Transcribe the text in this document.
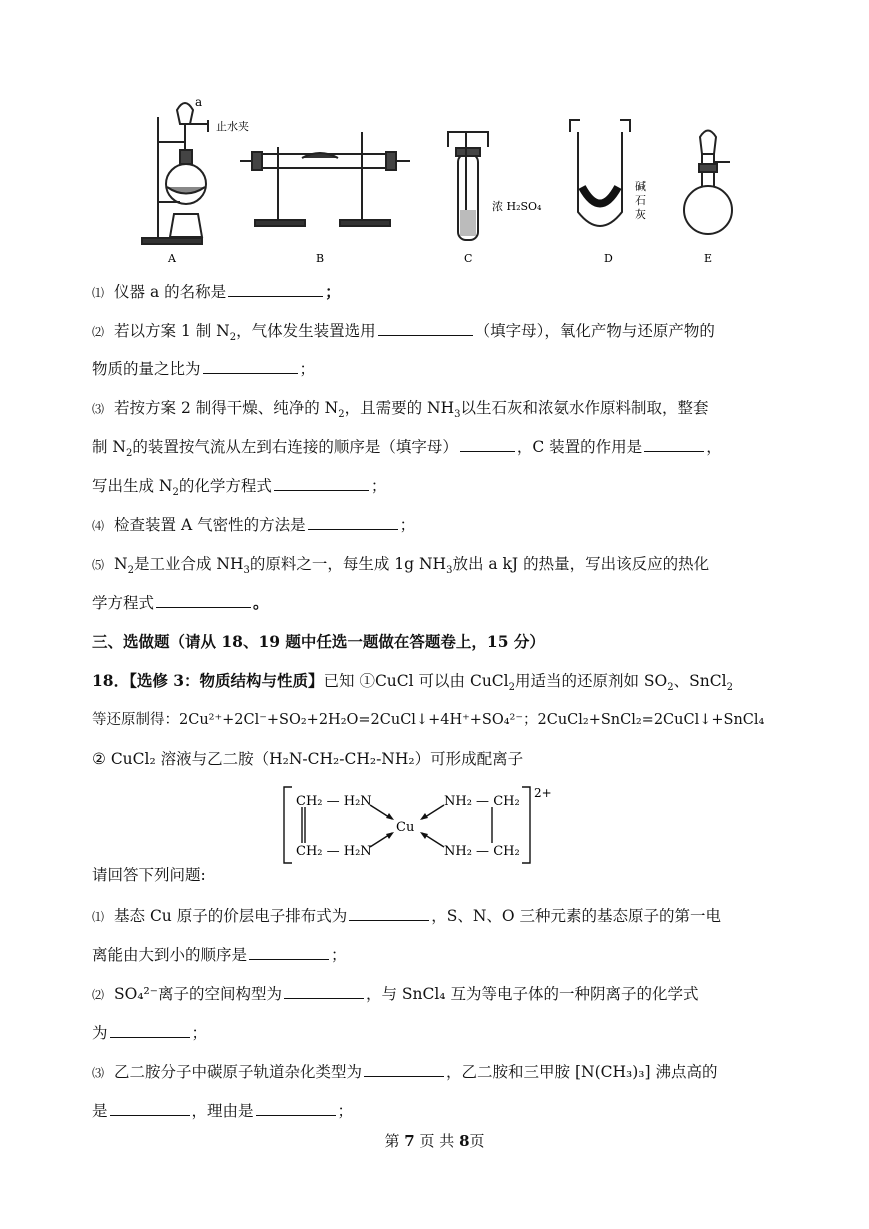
a
止水夹
浓 H₂SO₄
碱
石
灰
A	B	C	D	E
⑴ 仪器 a 的名称是	；
⑵ 若以方案 1 制 $N_2$，气体发生装置选用	（填字母），氧化产物与还原产物的
物质的量之比为	；
⑶ 若按方案 2 制得干燥、纯净的 $N_2$，且需要的 $NH_3$以生石灰和浓氨水作原料制取，整套
制 $N_2$的装置按气流从左到右连接的顺序是（填字母）	，C 装置的作用是	，
写出生成 $N_2$的化学方程式	；
⑷ 检查装置 A 气密性的方法是	；
⑸ $N_2$是工业合成 $NH_3$的原料之一，每生成 1g $NH_3$放出 a kJ 的热量，写出该反应的热化
学方程式	。
三、选做题（请从 18、19 题中任选一题做在答题卷上，15 分）
18．【选修 3：物质结构与性质】已知 ①CuCl 可以由 CuCl$_2$用适当的还原剂如 $SO_2$、SnCl$_2$
等还原制得：2Cu²⁺+2Cl⁻+SO₂+2H₂O=2CuCl↓+4H⁺+SO₄²⁻；2CuCl₂+SnCl₂=2CuCl↓+SnCl₄
② CuCl₂ 溶液与乙二胺（H₂N-CH₂-CH₂-NH₂）可形成配离子
CH₂ — H₂N
CH₂ — H₂N
Cu
NH₂ — CH₂
NH₂ — CH₂
2+
请回答下列问题:
⑴ 基态 Cu 原子的价层电子排布式为	，S、N、O 三种元素的基态原子的第一电
离能由大到小的顺序是	；
⑵ SO₄²⁻离子的空间构型为	，与 SnCl₄ 互为等电子体的一种阴离子的化学式
为	；
⑶ 乙二胺分子中碳原子轨道杂化类型为	，乙二胺和三甲胺 [N(CH₃)₃] 沸点高的
是	，理由是	；
第 7 页 共 8页
